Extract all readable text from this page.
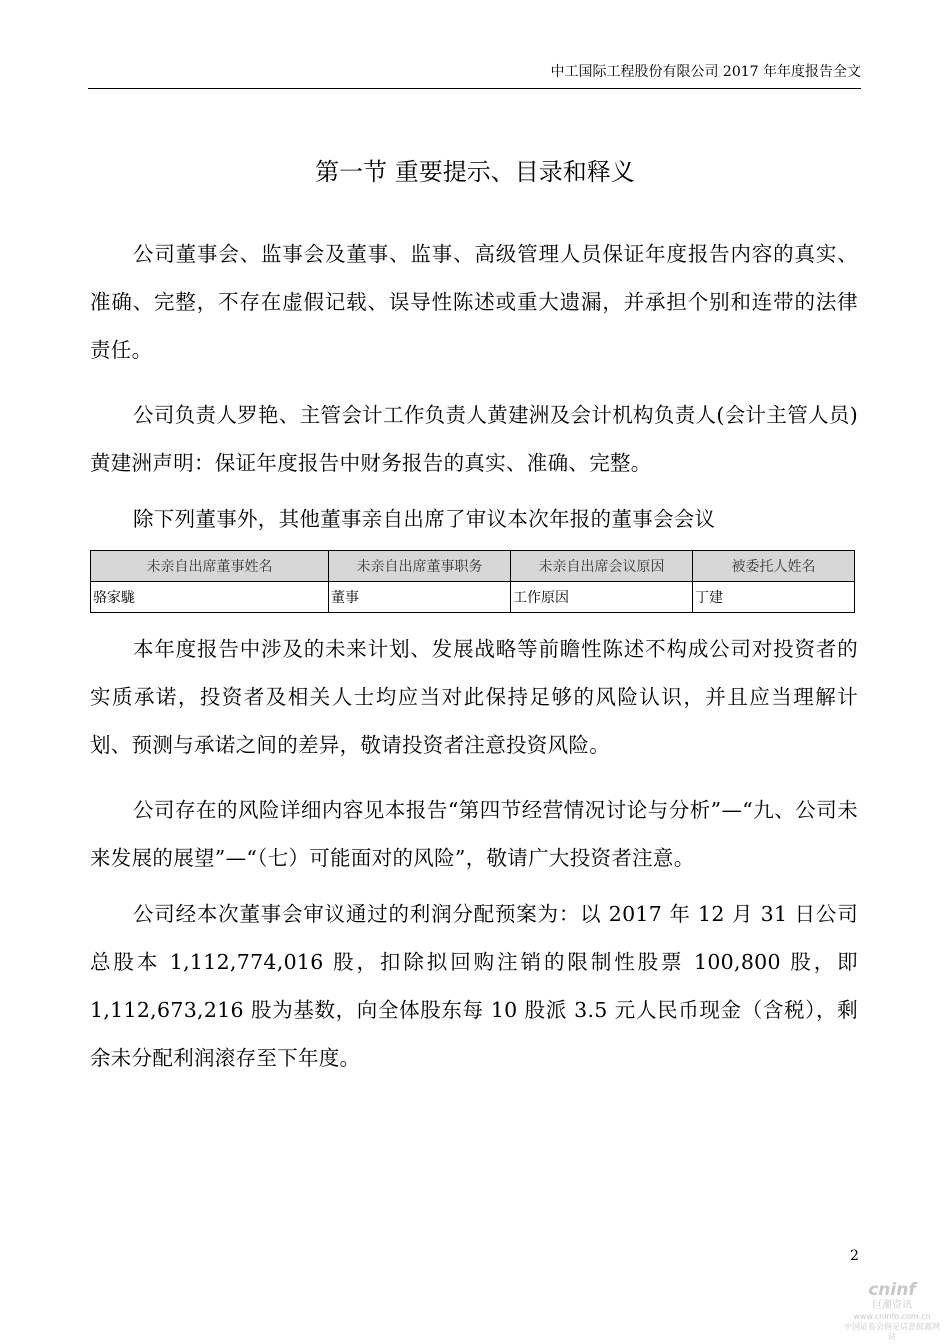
中工国际工程股份有限公司 2017 年年度报告全文
第一节 重要提示、目录和释义

公司董事会、监事会及董事、监事、高级管理人员保证年度报告内容的真实、准确、完整，不存在虚假记载、误导性陈述或重大遗漏，并承担个别和连带的法律责任。

公司负责人罗艳、主管会计工作负责人黄建洲及会计机构负责人(会计主管人员)黄建洲声明：保证年度报告中财务报告的真实、准确、完整。

除下列董事外，其他董事亲自出席了审议本次年报的董事会会议

未亲自出席董事姓名	未亲自出席董事职务	未亲自出席会议原因	被委托人姓名
骆家駹	董事	工作原因	丁建

本年度报告中涉及的未来计划、发展战略等前瞻性陈述不构成公司对投资者的实质承诺，投资者及相关人士均应当对此保持足够的风险认识，并且应当理解计划、预测与承诺之间的差异，敬请投资者注意投资风险。

公司存在的风险详细内容见本报告“第四节经营情况讨论与分析”—“九、公司未来发展的展望”—“（七）可能面对的风险”，敬请广大投资者注意。

公司经本次董事会审议通过的利润分配预案为：以 2017 年 12 月 31 日公司总股本 1,112,774,016 股，扣除拟回购注销的限制性股票 100,800 股，即 1,112,673,216 股为基数，向全体股东每 10 股派 3.5 元人民币现金（含税），剩余未分配利润滚存至下年度。

2
cninf
巨潮资讯
www.cninfo.com.cn
中国证监会指定信息披露网站
